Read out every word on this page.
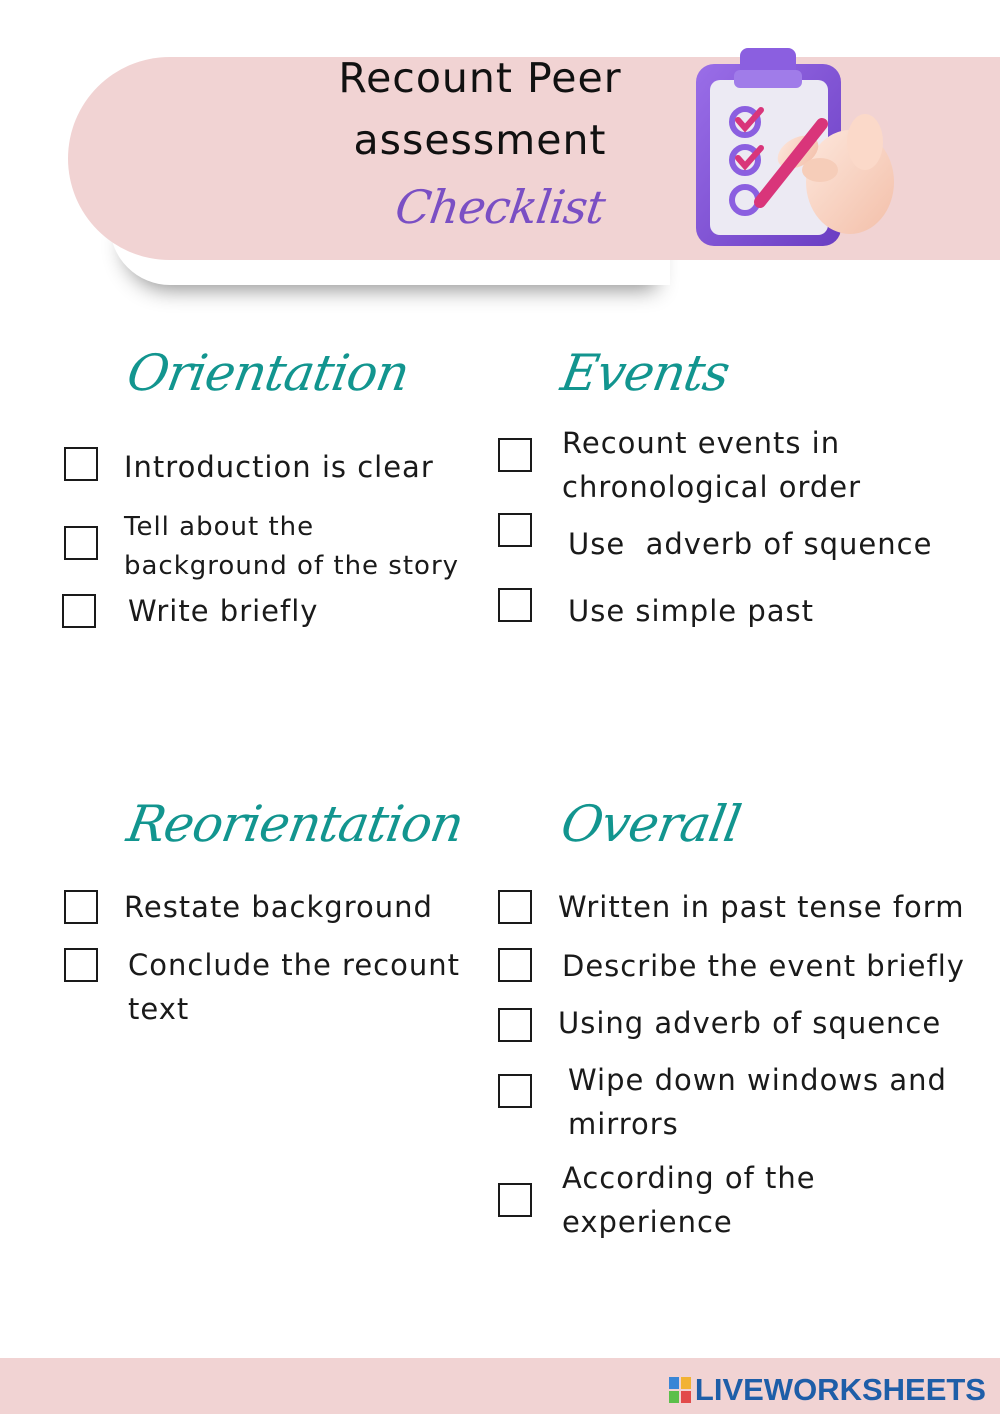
Recount Peer
assessment
Checklist
Orientation

Introduction is clear

Tell about the background of the story

Write briefly

Events

Recount events in chronological order

Use  adverb of squence

Use simple past

Reorientation

Restate background

Conclude the recount text

Overall

Written in past tense form

Describe the event briefly

Using adverb of squence

Wipe down windows and mirrors

According of the experience

LIVEWORKSHEETS
